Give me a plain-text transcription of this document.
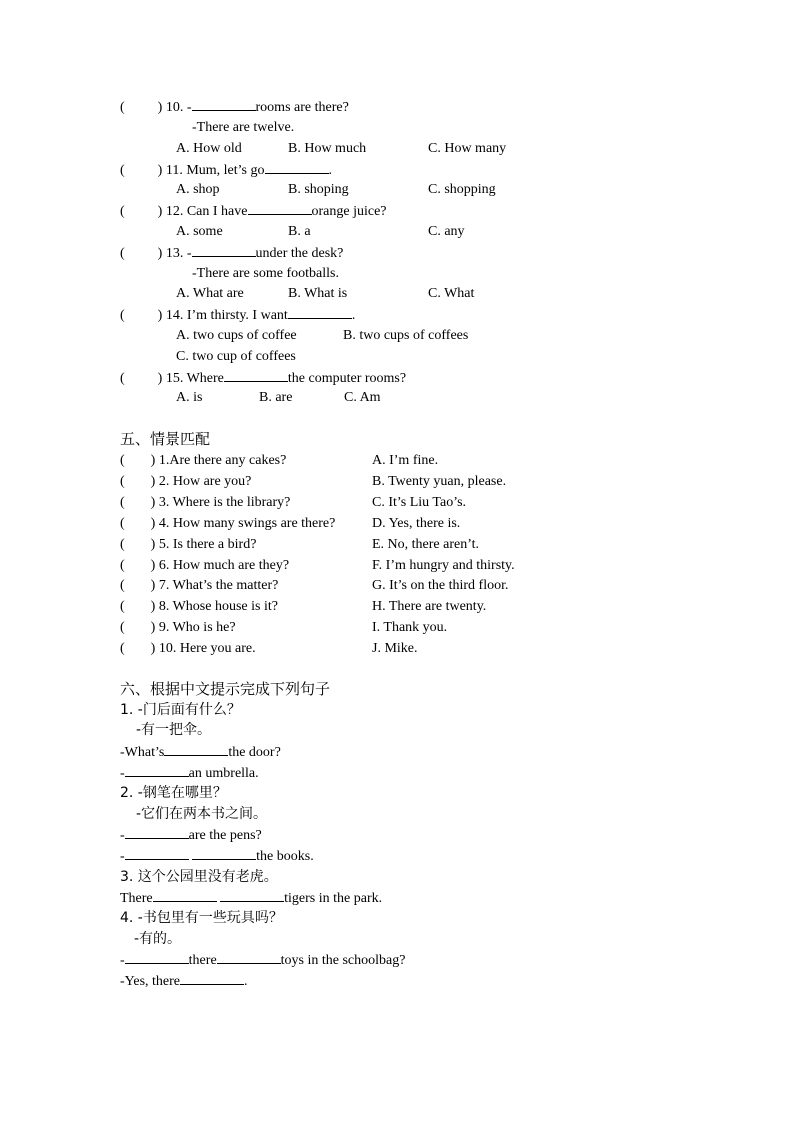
( ) 10. -	rooms are there?
-There are twelve.
A. How old	B. How much	C. How many
( ) 11. Mum, let’s go	.
A. shop	B. shoping	C. shopping
( ) 12. Can I have	orange juice?
A. some	B. a	C. any
( ) 13. -	under the desk?
-There are some footballs.
A. What are	B. What is	C. What
( ) 14. I’m thirsty. I want	.
A. two cups of coffee	B. two cups of coffees
C. two cup of coffees
( ) 15. Where	the computer rooms?
A. is	B. are	C. Am
五、情景匹配
( ) 1.Are there any cakes?	A. I’m fine.
( ) 2. How are you?	B. Twenty yuan, please.
( ) 3. Where is the library?	C. It’s Liu Tao’s.
( ) 4. How many swings are there?	D. Yes, there is.
( ) 5. Is there a bird?	E. No, there aren’t.
( ) 6. How much are they?	F. I’m hungry and thirsty.
( ) 7. What’s the matter?	G. It’s on the third floor.
( ) 8. Whose house is it?	H. There are twenty.
( ) 9. Who is he?	I. Thank you.
( ) 10. Here you are.	J. Mike.
六、根据中文提示完成下列句子
1. -门后面有什么？
-有一把伞。
-What’s	the door?
-	an umbrella.
2. -钢笔在哪里？
-它们在两本书之间。
-	are the pens?
-	the books.
3. 这个公园里没有老虎。
There	tigers in the park.
4. -书包里有一些玩具吗？
-有的。
-	there	toys in the schoolbag?
-Yes, there	.
